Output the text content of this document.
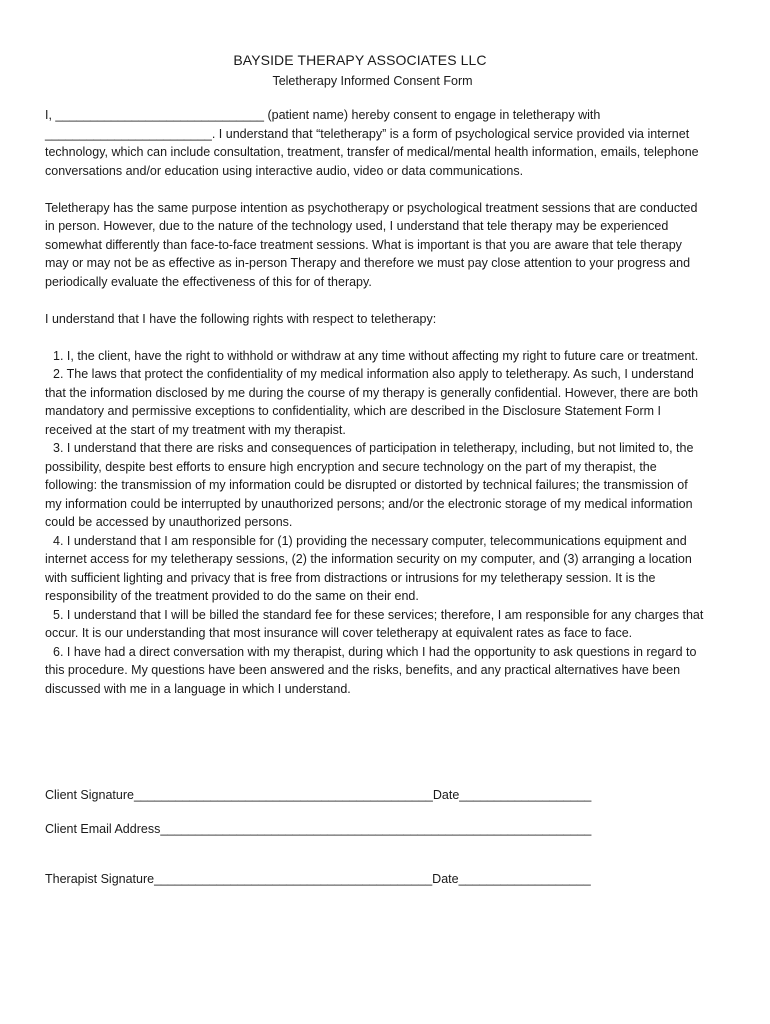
BAYSIDE THERAPY ASSOCIATES LLC
Teletherapy Informed Consent Form

I, ______________________________ (patient name) hereby consent to engage in teletherapy with ________________________. I understand that “teletherapy” is a form of psychological service provided via internet technology, which can include consultation, treatment, transfer of medical/mental health information, emails, telephone conversations and/or education using interactive audio, video or data communications.

Teletherapy has the same purpose intention as psychotherapy or psychological treatment sessions that are conducted in person. However, due to the nature of the technology used, I understand that tele therapy may be experienced somewhat differently than face-to-face treatment sessions. What is important is that you are aware that tele therapy may or may not be as effective as in-person Therapy and therefore we must pay close attention to your progress and periodically evaluate the effectiveness of this for of therapy.

I understand that I have the following rights with respect to teletherapy:

1. I, the client, have the right to withhold or withdraw at any time without affecting my right to future care or treatment.

2. The laws that protect the confidentiality of my medical information also apply to teletherapy. As such, I understand that the information disclosed by me during the course of my therapy is generally confidential. However, there are both mandatory and permissive exceptions to confidentiality, which are described in the Disclosure Statement Form I received at the start of my treatment with my therapist.

3. I understand that there are risks and consequences of participation in teletherapy, including, but not limited to, the possibility, despite best efforts to ensure high encryption and secure technology on the part of my therapist, the following: the transmission of my information could be disrupted or distorted by technical failures; the transmission of my information could be interrupted by unauthorized persons; and/or the electronic storage of my medical information could be accessed by unauthorized persons.

4. I understand that I am responsible for (1) providing the necessary computer, telecommunications equipment and internet access for my teletherapy sessions, (2) the information security on my computer, and (3) arranging a location with sufficient lighting and privacy that is free from distractions or intrusions for my teletherapy session. It is the responsibility of the treatment provided to do the same on their end.

5. I understand that I will be billed the standard fee for these services; therefore, I am responsible for any charges that occur. It is our understanding that most insurance will cover teletherapy at equivalent rates as face to face.

6. I have had a direct conversation with my therapist, during which I had the opportunity to ask questions in regard to this procedure. My questions have been answered and the risks, benefits, and any practical alternatives have been discussed with me in a language in which I understand.

Client Signature___________________________________________Date___________________
Client Email Address______________________________________________________________
Therapist Signature________________________________________Date___________________
